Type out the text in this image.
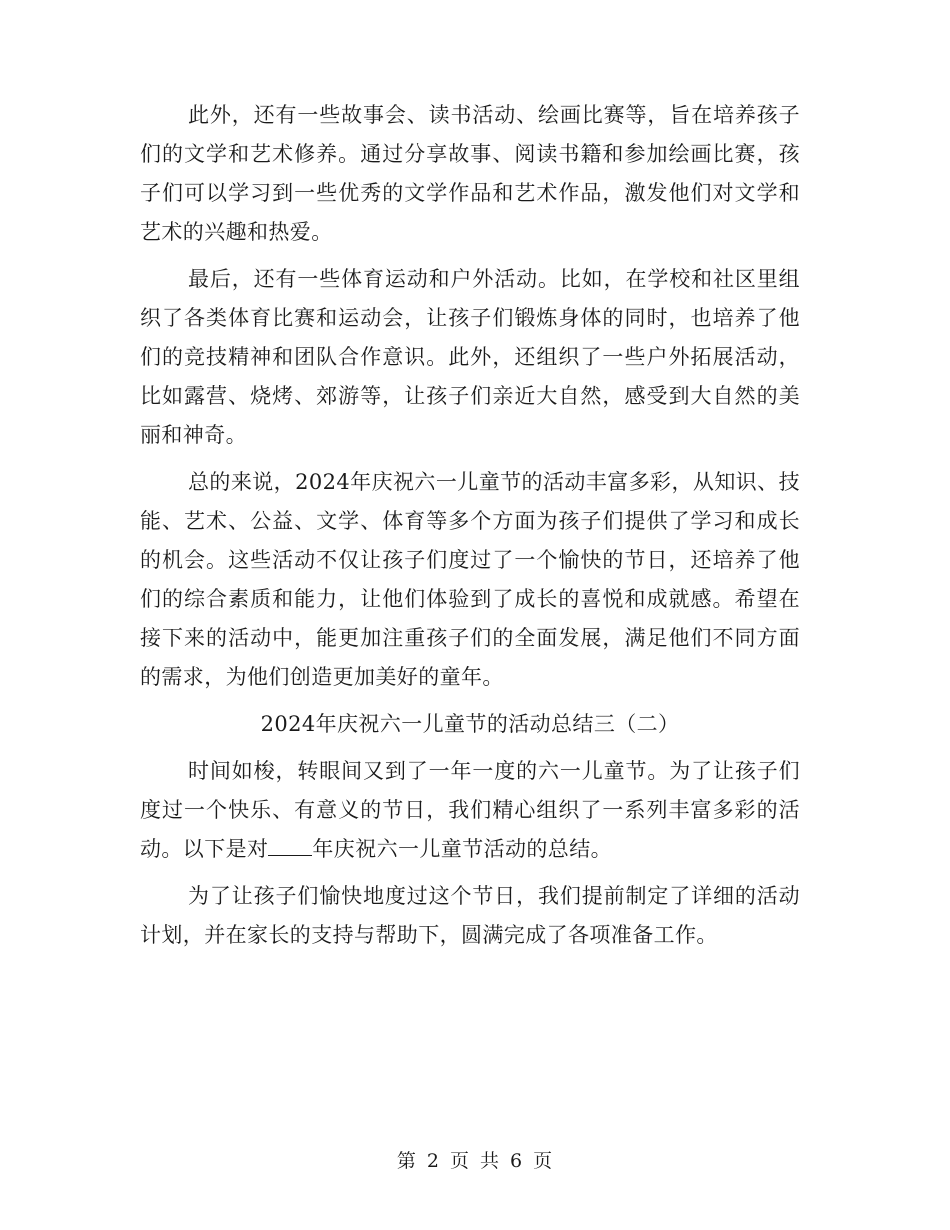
此外，还有一些故事会、读书活动、绘画比赛等，旨在培养孩子们的文学和艺术修养。通过分享故事、阅读书籍和参加绘画比赛，孩子们可以学习到一些优秀的文学作品和艺术作品，激发他们对文学和艺术的兴趣和热爱。

最后，还有一些体育运动和户外活动。比如，在学校和社区里组织了各类体育比赛和运动会，让孩子们锻炼身体的同时，也培养了他们的竞技精神和团队合作意识。此外，还组织了一些户外拓展活动，比如露营、烧烤、郊游等，让孩子们亲近大自然，感受到大自然的美丽和神奇。

总的来说，2024年庆祝六一儿童节的活动丰富多彩，从知识、技能、艺术、公益、文学、体育等多个方面为孩子们提供了学习和成长的机会。这些活动不仅让孩子们度过了一个愉快的节日，还培养了他们的综合素质和能力，让他们体验到了成长的喜悦和成就感。希望在接下来的活动中，能更加注重孩子们的全面发展，满足他们不同方面的需求，为他们创造更加美好的童年。

2024年庆祝六一儿童节的活动总结三（二）

时间如梭，转眼间又到了一年一度的六一儿童节。为了让孩子们度过一个快乐、有意义的节日，我们精心组织了一系列丰富多彩的活动。以下是对 年庆祝六一儿童节活动的总结。

为了让孩子们愉快地度过这个节日，我们提前制定了详细的活动计划，并在家长的支持与帮助下，圆满完成了各项准备工作。

第 2 页 共 6 页
